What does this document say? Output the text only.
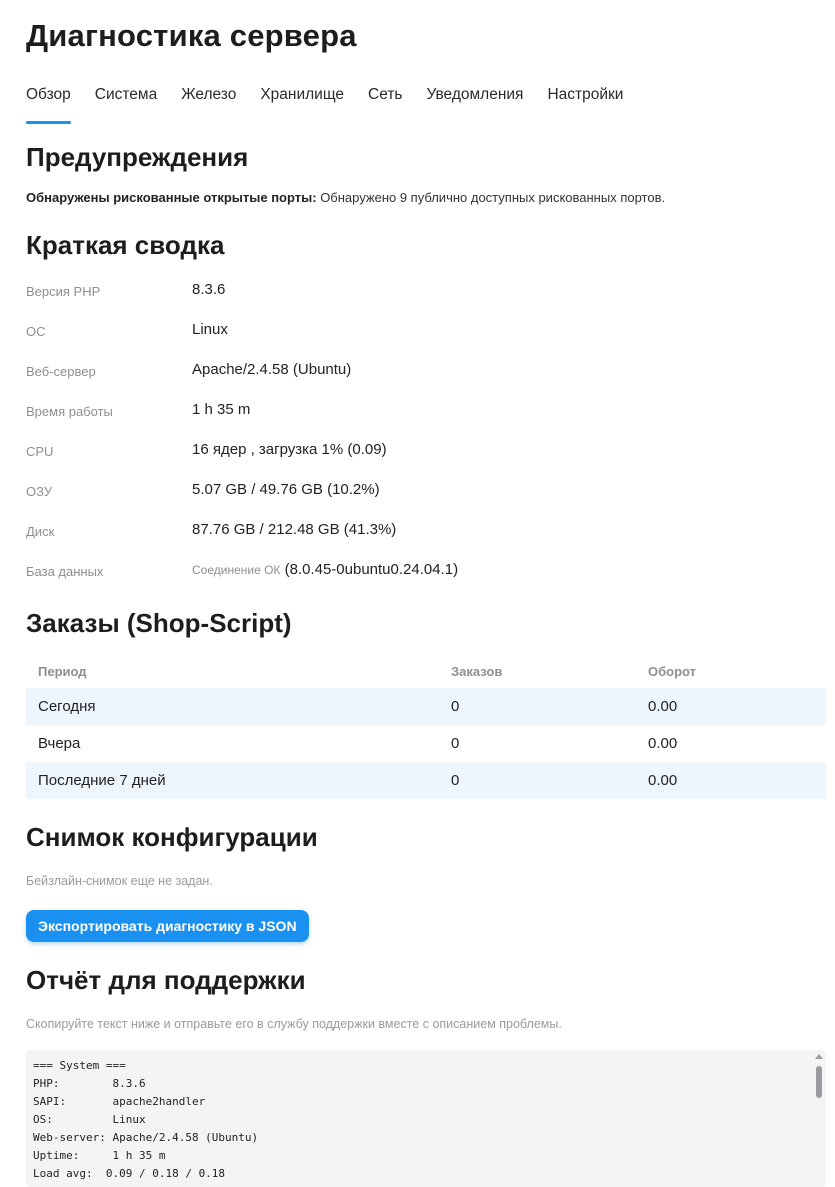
Диагностика сервера
Обзор Система Железо Хранилище Сеть Уведомления Настройки
Предупреждения
Обнаружены рискованные открытые порты: Обнаружено 9 публично доступных рискованных портов.
Краткая сводка
Версия PHP	8.3.6
ОС	Linux
Веб-сервер	Apache/2.4.58 (Ubuntu)
Время работы	1 h 35 m
CPU	16 ядер , загрузка 1% (0.09)
ОЗУ	5.07 GB / 49.76 GB (10.2%)
Диск	87.76 GB / 212.48 GB (41.3%)
База данных	Соединение ОК (8.0.45-0ubuntu0.24.04.1)
Заказы (Shop-Script)
Период	Заказов	Оборот
Сегодня	0	0.00
Вчера	0	0.00
Последние 7 дней	0	0.00
Снимок конфигурации
Бейзлайн-снимок еще не задан.
Экспортировать диагностику в JSON
Отчёт для поддержки
Скопируйте текст ниже и отправьте его в службу поддержки вместе с описанием проблемы.
=== System ===
PHP:        8.3.6
SAPI:       apache2handler
OS:         Linux
Web-server: Apache/2.4.58 (Ubuntu)
Uptime:     1 h 35 m
Load avg:  0.09 / 0.18 / 0.18
